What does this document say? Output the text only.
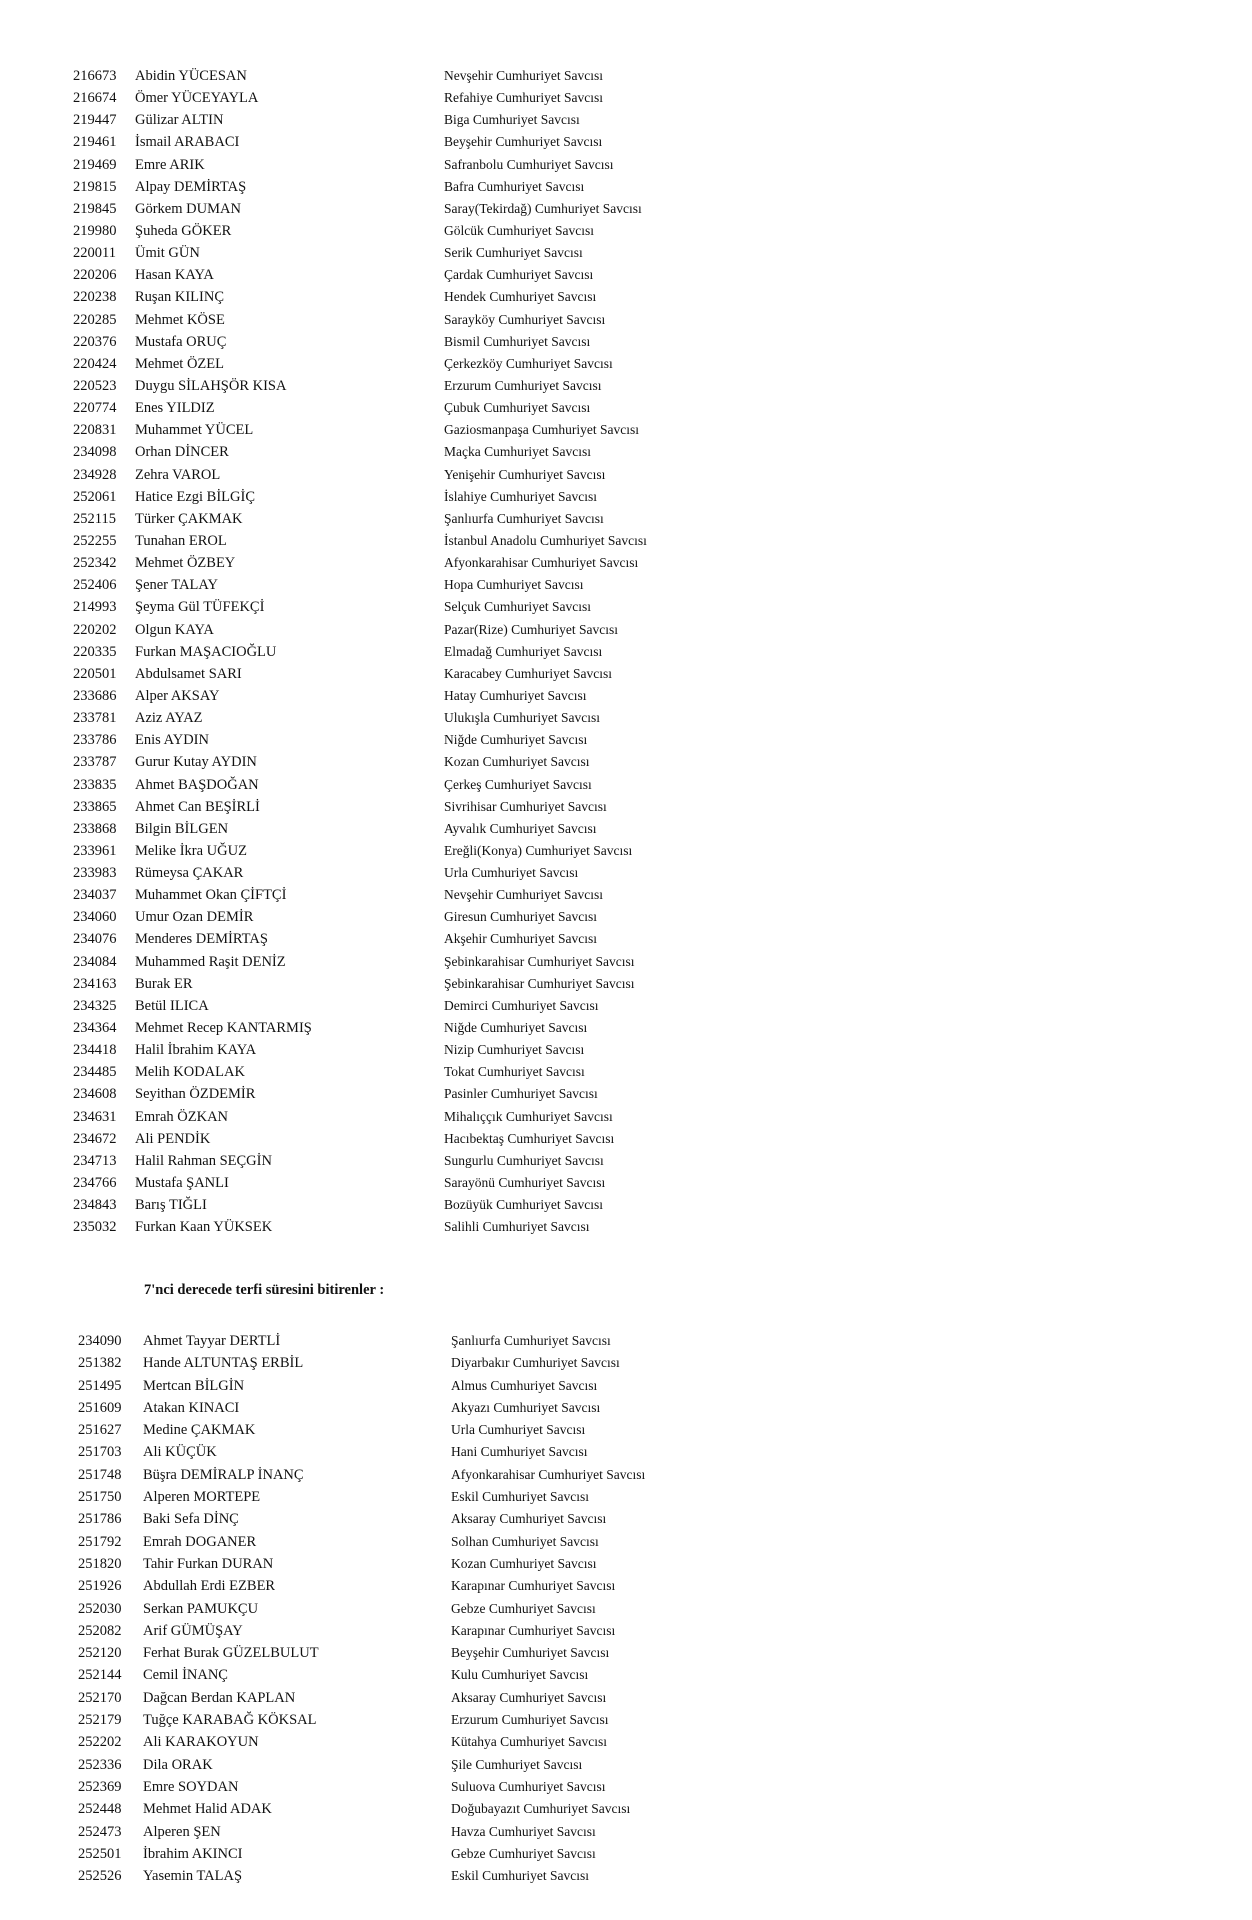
216673 Abidin YÜCESAN	Nevşehir Cumhuriyet Savcısı
216674 Ömer YÜCEYAYLA	Refahiye Cumhuriyet Savcısı
219447 Gülizar ALTIN	Biga Cumhuriyet Savcısı
219461 İsmail ARABACI	Beyşehir Cumhuriyet Savcısı
219469 Emre ARIK	Safranbolu Cumhuriyet Savcısı
219815 Alpay DEMİRTAŞ	Bafra Cumhuriyet Savcısı
219845 Görkem DUMAN	Saray(Tekirdağ) Cumhuriyet Savcısı
219980 Şuheda GÖKER	Gölcük Cumhuriyet Savcısı
220011 Ümit GÜN	Serik Cumhuriyet Savcısı
220206 Hasan KAYA	Çardak Cumhuriyet Savcısı
220238 Ruşan KILINÇ	Hendek Cumhuriyet Savcısı
220285 Mehmet KÖSE	Sarayköy Cumhuriyet Savcısı
220376 Mustafa ORUÇ	Bismil Cumhuriyet Savcısı
220424 Mehmet ÖZEL	Çerkezköy Cumhuriyet Savcısı
220523 Duygu SİLAHŞÖR KISA	Erzurum Cumhuriyet Savcısı
220774 Enes YILDIZ	Çubuk Cumhuriyet Savcısı
220831 Muhammet YÜCEL	Gaziosmanpaşa Cumhuriyet Savcısı
234098 Orhan DİNCER	Maçka Cumhuriyet Savcısı
234928 Zehra VAROL	Yenişehir Cumhuriyet Savcısı
252061 Hatice Ezgi BİLGİÇ	İslahiye Cumhuriyet Savcısı
252115 Türker ÇAKMAK	Şanlıurfa Cumhuriyet Savcısı
252255 Tunahan EROL	İstanbul Anadolu Cumhuriyet Savcısı
252342 Mehmet ÖZBEY	Afyonkarahisar Cumhuriyet Savcısı
252406 Şener TALAY	Hopa Cumhuriyet Savcısı
214993 Şeyma Gül TÜFEKÇİ	Selçuk Cumhuriyet Savcısı
220202 Olgun KAYA	Pazar(Rize) Cumhuriyet Savcısı
220335 Furkan MAŞACIOĞLU	Elmadağ Cumhuriyet Savcısı
220501 Abdulsamet SARI	Karacabey Cumhuriyet Savcısı
233686 Alper AKSAY	Hatay Cumhuriyet Savcısı
233781 Aziz AYAZ	Ulukışla Cumhuriyet Savcısı
233786 Enis AYDIN	Niğde Cumhuriyet Savcısı
233787 Gurur Kutay AYDIN	Kozan Cumhuriyet Savcısı
233835 Ahmet BAŞDOĞAN	Çerkeş Cumhuriyet Savcısı
233865 Ahmet Can BEŞİRLİ	Sivrihisar Cumhuriyet Savcısı
233868 Bilgin BİLGEN	Ayvalık Cumhuriyet Savcısı
233961 Melike İkra UĞUZ	Ereğli(Konya) Cumhuriyet Savcısı
233983 Rümeysa ÇAKAR	Urla Cumhuriyet Savcısı
234037 Muhammet Okan ÇİFTÇİ	Nevşehir Cumhuriyet Savcısı
234060 Umur Ozan DEMİR	Giresun Cumhuriyet Savcısı
234076 Menderes DEMİRTAŞ	Akşehir Cumhuriyet Savcısı
234084 Muhammed Raşit DENİZ	Şebinkarahisar Cumhuriyet Savcısı
234163 Burak ER	Şebinkarahisar Cumhuriyet Savcısı
234325 Betül ILICA	Demirci Cumhuriyet Savcısı
234364 Mehmet Recep KANTARMIŞ	Niğde Cumhuriyet Savcısı
234418 Halil İbrahim KAYA	Nizip Cumhuriyet Savcısı
234485 Melih KODALAK	Tokat Cumhuriyet Savcısı
234608 Seyithan ÖZDEMİR	Pasinler Cumhuriyet Savcısı
234631 Emrah ÖZKAN	Mihalıççık Cumhuriyet Savcısı
234672 Ali PENDİK	Hacıbektaş Cumhuriyet Savcısı
234713 Halil Rahman SEÇGİN	Sungurlu Cumhuriyet Savcısı
234766 Mustafa ŞANLI	Sarayönü Cumhuriyet Savcısı
234843 Barış TIĞLI	Bozüyük Cumhuriyet Savcısı
235032 Furkan Kaan YÜKSEK	Salihli Cumhuriyet Savcısı
7'nci derecede terfi süresini bitirenler :
234090 Ahmet Tayyar DERTLİ	Şanlıurfa Cumhuriyet Savcısı
251382 Hande ALTUNTAŞ ERBİL	Diyarbakır Cumhuriyet Savcısı
251495 Mertcan BİLGİN	Almus Cumhuriyet Savcısı
251609 Atakan KINACI	Akyazı Cumhuriyet Savcısı
251627 Medine ÇAKMAK	Urla Cumhuriyet Savcısı
251703 Ali KÜÇÜK	Hani Cumhuriyet Savcısı
251748 Büşra DEMİRALP İNANÇ	Afyonkarahisar Cumhuriyet Savcısı
251750 Alperen MORTEPE	Eskil Cumhuriyet Savcısı
251786 Baki Sefa DİNÇ	Aksaray Cumhuriyet Savcısı
251792 Emrah DOGANER	Solhan Cumhuriyet Savcısı
251820 Tahir Furkan DURAN	Kozan Cumhuriyet Savcısı
251926 Abdullah Erdi EZBER	Karapınar Cumhuriyet Savcısı
252030 Serkan PAMUKÇU	Gebze Cumhuriyet Savcısı
252082 Arif GÜMÜŞAY	Karapınar Cumhuriyet Savcısı
252120 Ferhat Burak GÜZELBULUT	Beyşehir Cumhuriyet Savcısı
252144 Cemil İNANÇ	Kulu Cumhuriyet Savcısı
252170 Dağcan Berdan KAPLAN	Aksaray Cumhuriyet Savcısı
252179 Tuğçe KARABAĞ KÖKSAL	Erzurum Cumhuriyet Savcısı
252202 Ali KARAKOYUN	Kütahya Cumhuriyet Savcısı
252336 Dila ORAK	Şile Cumhuriyet Savcısı
252369 Emre SOYDAN	Suluova Cumhuriyet Savcısı
252448 Mehmet Halid ADAK	Doğubayazıt Cumhuriyet Savcısı
252473 Alperen ŞEN	Havza Cumhuriyet Savcısı
252501 İbrahim AKINCI	Gebze Cumhuriyet Savcısı
252526 Yasemin TALAŞ	Eskil Cumhuriyet Savcısı
